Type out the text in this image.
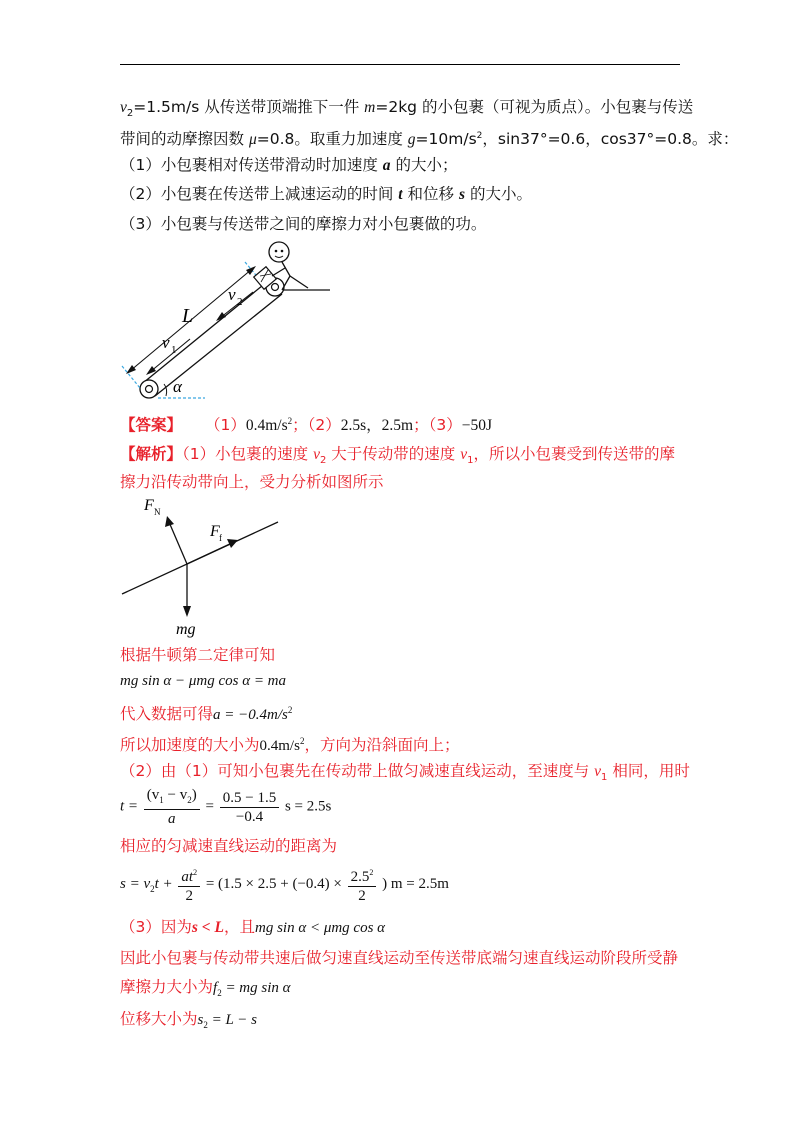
$v_2=1.5m/s$ 从传送带顶端推下一件 m=2kg 的小包裹（可视为质点）。小包裹与传送
带间的动摩擦因数 μ=0.8。取重力加速度 $g=10m/s^2$，sin37°=0.6，cos37°=0.8。求：
（1）小包裹相对传送带滑动时加速度 a 的大小；
（2）小包裹在传送带上减速运动的时间 t 和位移 s 的大小。
（3）小包裹与传送带之间的摩擦力对小包裹做的功。
L
v 1
v 2
α
【答案】 $(1)0.4m/s^2$；（2）2.5s，2.5m；（3）−50J
【解析】（1）小包裹的速度 $v_2$ 大于传动带的速度 $v_1$，所以小包裹受到传送带的摩
擦力沿传动带向上，受力分析如图所示
F N
F f
mg
根据牛顿第二定律可知
mg sin α − μmg cos α = ma
代入数据可得$a = -0.4m/s^2$
所以加速度的大小为$0.4m/s^2$，方向为沿斜面向上；
（2）由（1）可知小包裹先在传动带上做匀减速直线运动，至速度与 $v_1$ 相同，用时
$t = \frac{(v_1 - v_2)}{a} = \frac{0.5 - 1.5}{-0.4}$ s = 2.5s
相应的匀减速直线运动的距离为
$s = v_2t + \frac{at^2}{2} = (1.5 \times 2.5 + (-0.4) \times \frac{2.5^2}{2}$ ) m = 2.5m
（3）因为s < L，且mg sin α < μmg cos α
因此小包裹与传动带共速后做匀速直线运动至传送带底端匀速直线运动阶段所受静
摩擦力大小为$f_2$ = mg sin α
位移大小为$s_2 = L - s$
